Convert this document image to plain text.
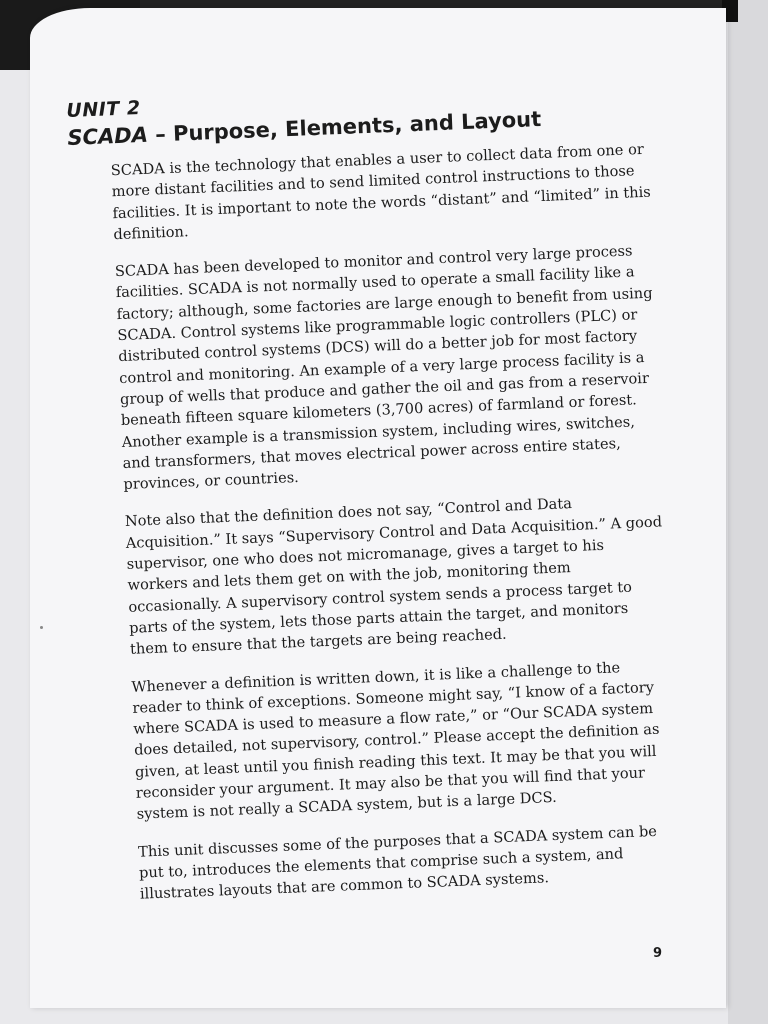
UNIT 2
SCADA – Purpose, Elements, and Layout

SCADA is the technology that enables a user to collect data from one or more distant facilities and to send limited control instructions to those facilities. It is important to note the words “distant” and “limited” in this definition.

SCADA has been developed to monitor and control very large process facilities. SCADA is not normally used to operate a small facility like a factory; although, some factories are large enough to benefit from using SCADA. Control systems like programmable logic controllers (PLC) or distributed control systems (DCS) will do a better job for most factory control and monitoring. An example of a very large process facility is a group of wells that produce and gather the oil and gas from a reservoir beneath fifteen square kilometers (3,700 acres) of farmland or forest. Another example is a transmission system, including wires, switches, and transformers, that moves electrical power across entire states, provinces, or countries.

Note also that the definition does not say, “Control and Data Acquisition.” It says “Supervisory Control and Data Acquisition.” A good supervisor, one who does not micromanage, gives a target to his workers and lets them get on with the job, monitoring them occasionally. A supervisory control system sends a process target to parts of the system, lets those parts attain the target, and monitors them to ensure that the targets are being reached.

Whenever a definition is written down, it is like a challenge to the reader to think of exceptions. Someone might say, “I know of a factory where SCADA is used to measure a flow rate,” or “Our SCADA system does detailed, not supervisory, control.” Please accept the definition as given, at least until you finish reading this text. It may be that you will reconsider your argument. It may also be that you will find that your system is not really a SCADA system, but is a large DCS.

This unit discusses some of the purposes that a SCADA system can be put to, introduces the elements that comprise such a system, and illustrates layouts that are common to SCADA systems.

9
